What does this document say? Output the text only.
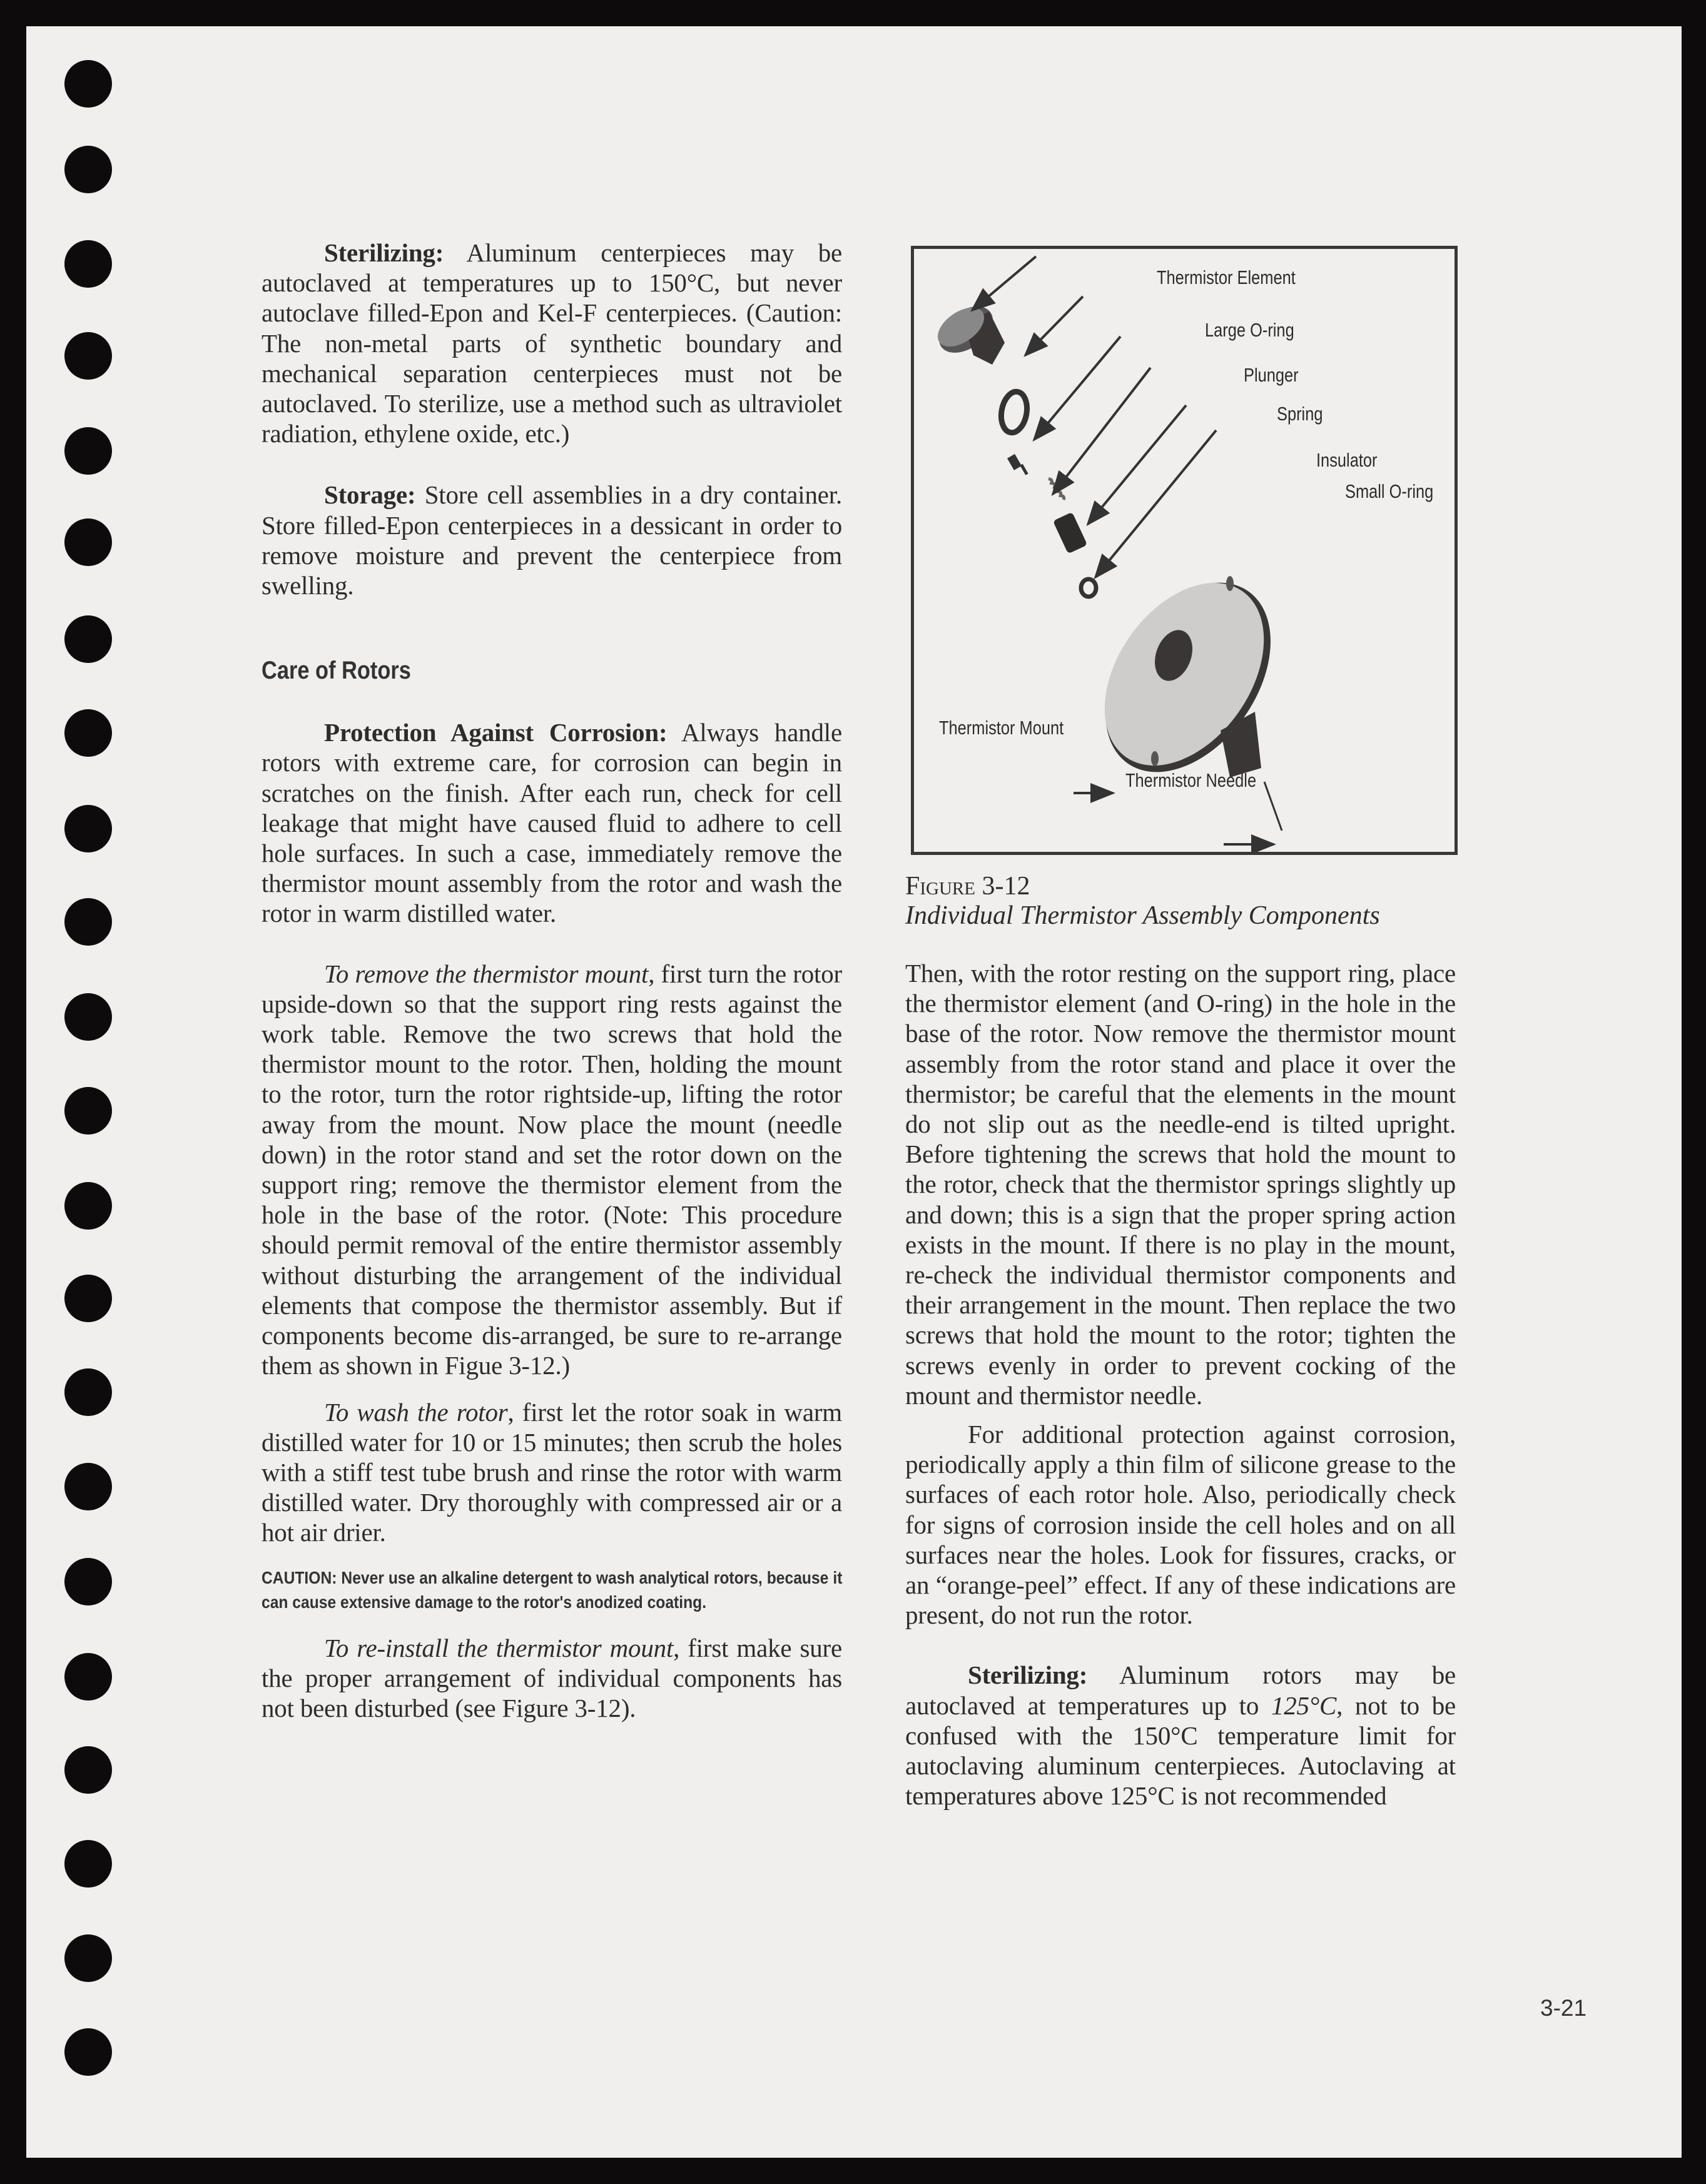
Sterilizing: Aluminum centerpieces may be autoclaved at temperatures up to 150°C, but never autoclave filled-Epon and Kel-F centerpieces. (Caution: The non-metal parts of synthetic boundary and mechanical separation centerpieces must not be autoclaved. To sterilize, use a method such as ultraviolet radiation, ethylene oxide, etc.)

Storage: Store cell assemblies in a dry container. Store filled-Epon centerpieces in a dessicant in order to remove moisture and prevent the centerpiece from swelling.

Care of Rotors

Protection Against Corrosion: Always handle rotors with extreme care, for corrosion can begin in scratches on the finish. After each run, check for cell leakage that might have caused fluid to adhere to cell hole surfaces. In such a case, immediately remove the thermistor mount assembly from the rotor and wash the rotor in warm distilled water.

To remove the thermistor mount, first turn the rotor upside-down so that the support ring rests against the work table. Remove the two screws that hold the thermistor mount to the rotor. Then, holding the mount to the rotor, turn the rotor rightside-up, lifting the rotor away from the mount. Now place the mount (needle down) in the rotor stand and set the rotor down on the support ring; remove the thermistor element from the hole in the base of the rotor. (Note: This procedure should permit removal of the entire thermistor assembly without disturbing the arrangement of the individual elements that compose the thermistor assembly. But if components become dis-arranged, be sure to re-arrange them as shown in Figue 3-12.)

To wash the rotor, first let the rotor soak in warm distilled water for 10 or 15 minutes; then scrub the holes with a stiff test tube brush and rinse the rotor with warm distilled water. Dry thoroughly with compressed air or a hot air drier.

CAUTION: Never use an alkaline detergent to wash analytical rotors, because it can cause extensive damage to the rotor's anodized coating.

To re-install the thermistor mount, first make sure the proper arrangement of individual components has not been disturbed (see Figure 3-12).

Thermistor Element
Large O-ring
Plunger
Spring
Insulator
Small O-ring
Thermistor Mount
Thermistor Needle
Figure 3-12
Individual Thermistor Assembly Components

Then, with the rotor resting on the support ring, place the thermistor element (and O-ring) in the hole in the base of the rotor. Now remove the thermistor mount assembly from the rotor stand and place it over the thermistor; be careful that the elements in the mount do not slip out as the needle-end is tilted upright. Before tightening the screws that hold the mount to the rotor, check that the thermistor springs slightly up and down; this is a sign that the proper spring action exists in the mount. If there is no play in the mount, re-check the individual thermistor components and their arrangement in the mount. Then replace the two screws that hold the mount to the rotor; tighten the screws evenly in order to prevent cocking of the mount and thermistor needle.

For additional protection against corrosion, periodically apply a thin film of silicone grease to the surfaces of each rotor hole. Also, periodically check for signs of corrosion inside the cell holes and on all surfaces near the holes. Look for fissures, cracks, or an “orange-peel” effect. If any of these indications are present, do not run the rotor.

Sterilizing: Aluminum rotors may be autoclaved at temperatures up to 125°C, not to be confused with the 150°C temperature limit for autoclaving aluminum centerpieces. Autoclaving at temperatures above 125°C is not recommended

3-21
